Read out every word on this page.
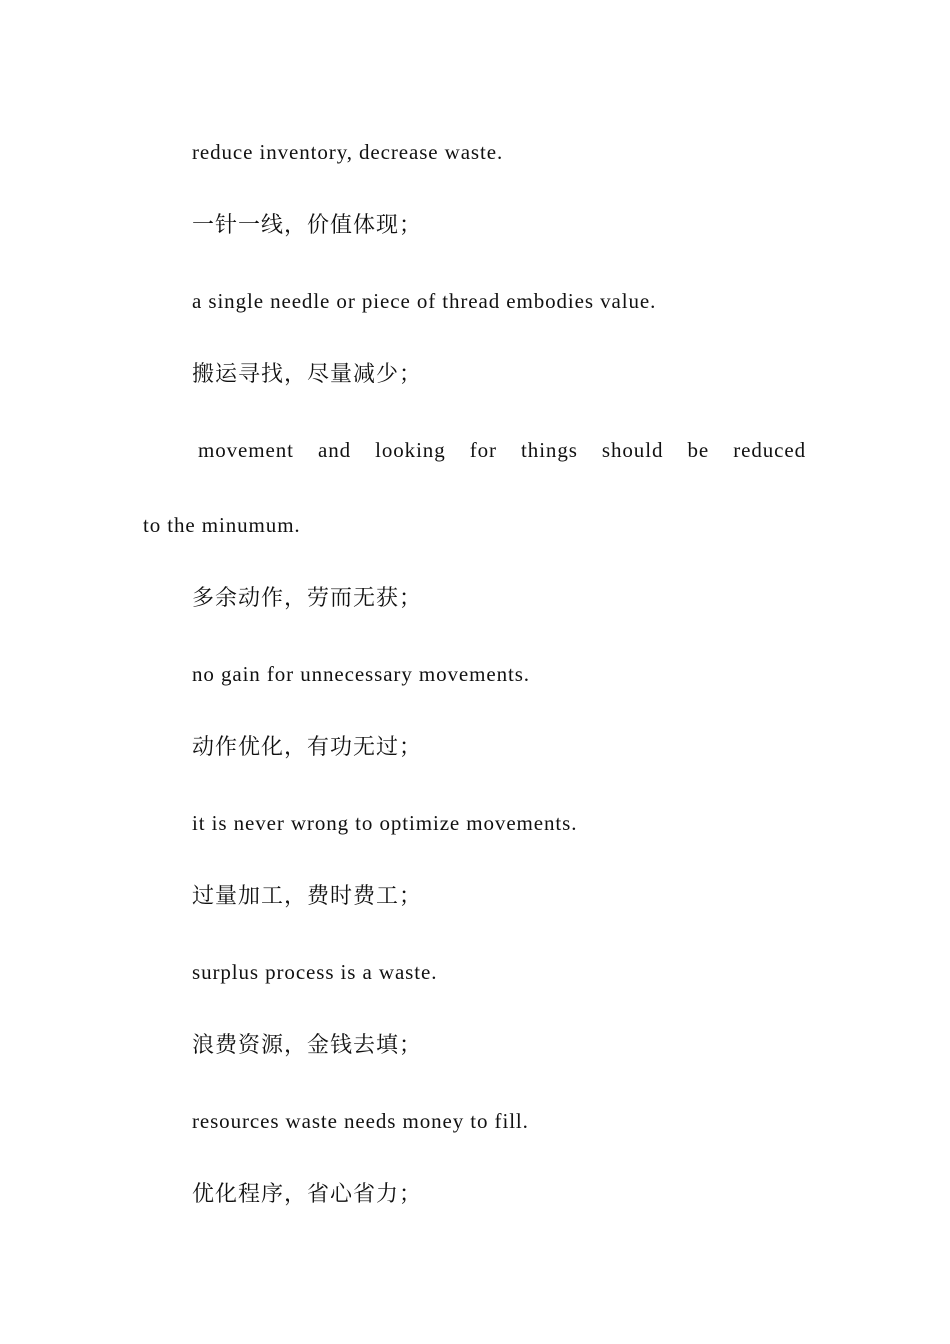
reduce inventory, decrease waste.

一针一线，价值体现；

a single needle or piece of thread embodies value.

搬运寻找，尽量减少；

movement and looking for things should be reduced

to the minumum.

多余动作，劳而无获；

no gain for unnecessary movements.

动作优化，有功无过；

it is never wrong to optimize movements.

过量加工，费时费工；

surplus process is a waste.

浪费资源，金钱去填；

resources waste needs money to fill.

优化程序，省心省力；
